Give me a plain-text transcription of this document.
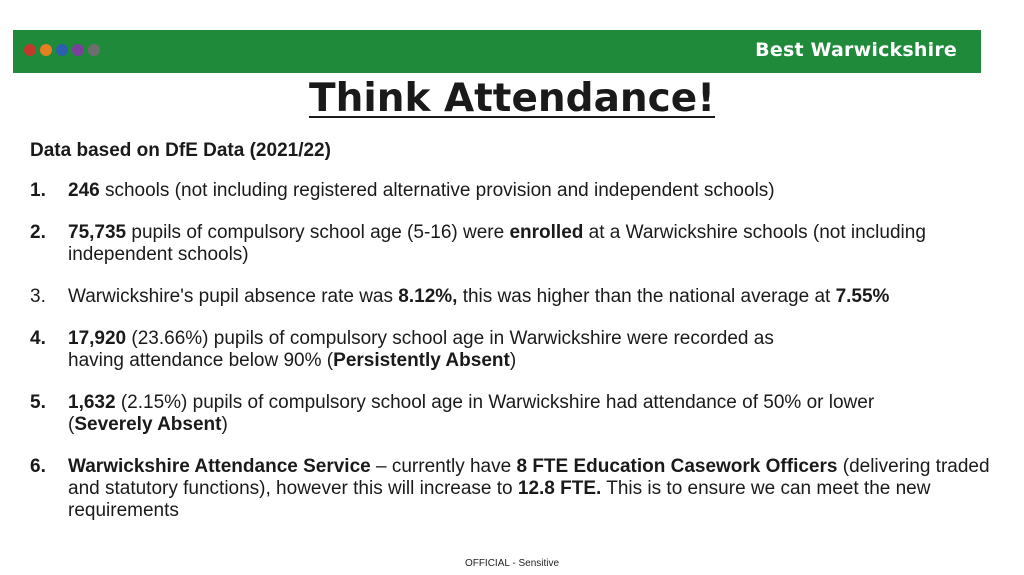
Best Warwickshire
Think Attendance!
Data based on DfE Data (2021/22)
1.	246 schools (not including registered alternative provision and independent schools)
2.	75,735 pupils of compulsory school age (5-16) were enrolled at a Warwickshire schools (not including independent schools)
3.	Warwickshire's pupil absence rate was 8.12%, this was higher than the national average at 7.55%
4.	17,920 (23.66%) pupils of compulsory school age in Warwickshire were recorded as
having attendance below 90% (Persistently Absent)
5.	1,632 (2.15%) pupils of compulsory school age in Warwickshire had attendance of 50% or lower
(Severely Absent)
6.	Warwickshire Attendance Service – currently have 8 FTE Education Casework Officers (delivering traded and statutory functions), however this will increase to 12.8 FTE. This is to ensure we can meet the new requirements
OFFICIAL - Sensitive
